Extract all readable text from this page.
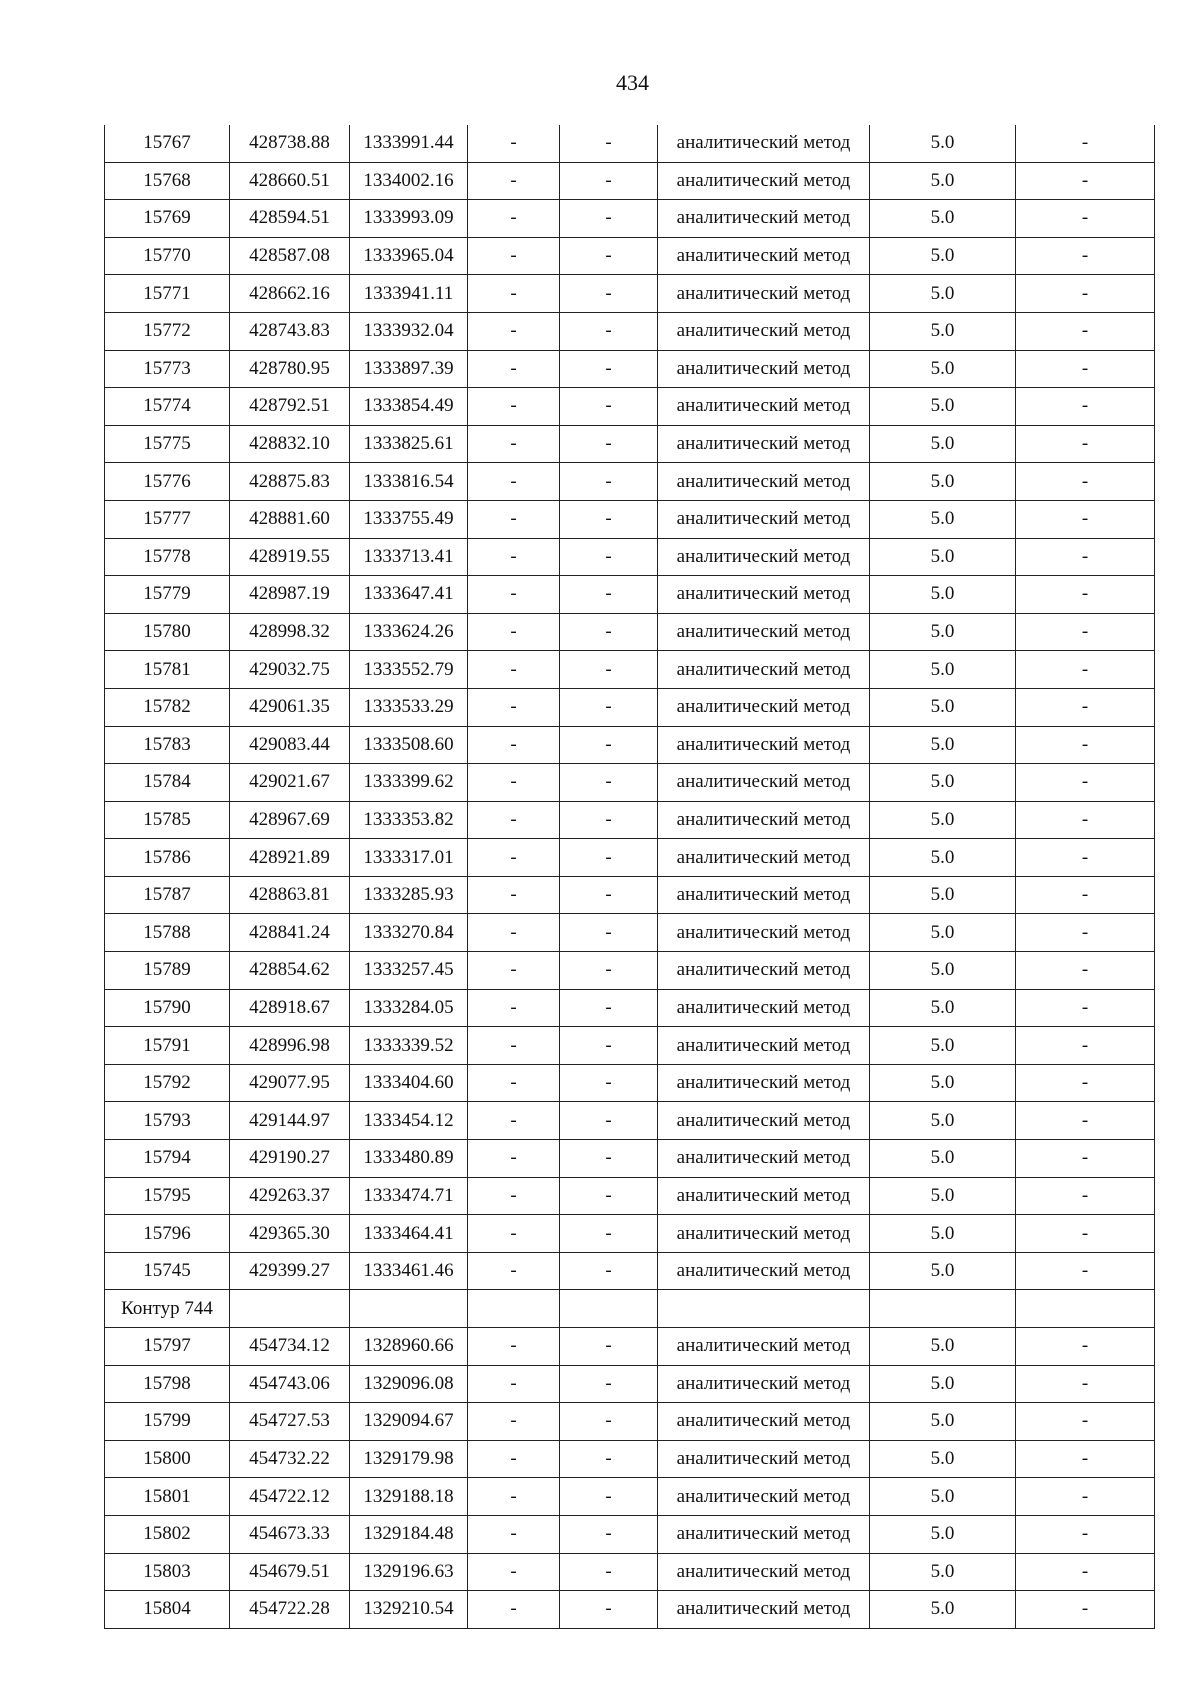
434
15767	428738.88	1333991.44	-	-	аналитический метод	5.0	-
15768	428660.51	1334002.16	-	-	аналитический метод	5.0	-
15769	428594.51	1333993.09	-	-	аналитический метод	5.0	-
15770	428587.08	1333965.04	-	-	аналитический метод	5.0	-
15771	428662.16	1333941.11	-	-	аналитический метод	5.0	-
15772	428743.83	1333932.04	-	-	аналитический метод	5.0	-
15773	428780.95	1333897.39	-	-	аналитический метод	5.0	-
15774	428792.51	1333854.49	-	-	аналитический метод	5.0	-
15775	428832.10	1333825.61	-	-	аналитический метод	5.0	-
15776	428875.83	1333816.54	-	-	аналитический метод	5.0	-
15777	428881.60	1333755.49	-	-	аналитический метод	5.0	-
15778	428919.55	1333713.41	-	-	аналитический метод	5.0	-
15779	428987.19	1333647.41	-	-	аналитический метод	5.0	-
15780	428998.32	1333624.26	-	-	аналитический метод	5.0	-
15781	429032.75	1333552.79	-	-	аналитический метод	5.0	-
15782	429061.35	1333533.29	-	-	аналитический метод	5.0	-
15783	429083.44	1333508.60	-	-	аналитический метод	5.0	-
15784	429021.67	1333399.62	-	-	аналитический метод	5.0	-
15785	428967.69	1333353.82	-	-	аналитический метод	5.0	-
15786	428921.89	1333317.01	-	-	аналитический метод	5.0	-
15787	428863.81	1333285.93	-	-	аналитический метод	5.0	-
15788	428841.24	1333270.84	-	-	аналитический метод	5.0	-
15789	428854.62	1333257.45	-	-	аналитический метод	5.0	-
15790	428918.67	1333284.05	-	-	аналитический метод	5.0	-
15791	428996.98	1333339.52	-	-	аналитический метод	5.0	-
15792	429077.95	1333404.60	-	-	аналитический метод	5.0	-
15793	429144.97	1333454.12	-	-	аналитический метод	5.0	-
15794	429190.27	1333480.89	-	-	аналитический метод	5.0	-
15795	429263.37	1333474.71	-	-	аналитический метод	5.0	-
15796	429365.30	1333464.41	-	-	аналитический метод	5.0	-
15745	429399.27	1333461.46	-	-	аналитический метод	5.0	-
Контур 744							
15797	454734.12	1328960.66	-	-	аналитический метод	5.0	-
15798	454743.06	1329096.08	-	-	аналитический метод	5.0	-
15799	454727.53	1329094.67	-	-	аналитический метод	5.0	-
15800	454732.22	1329179.98	-	-	аналитический метод	5.0	-
15801	454722.12	1329188.18	-	-	аналитический метод	5.0	-
15802	454673.33	1329184.48	-	-	аналитический метод	5.0	-
15803	454679.51	1329196.63	-	-	аналитический метод	5.0	-
15804	454722.28	1329210.54	-	-	аналитический метод	5.0	-
